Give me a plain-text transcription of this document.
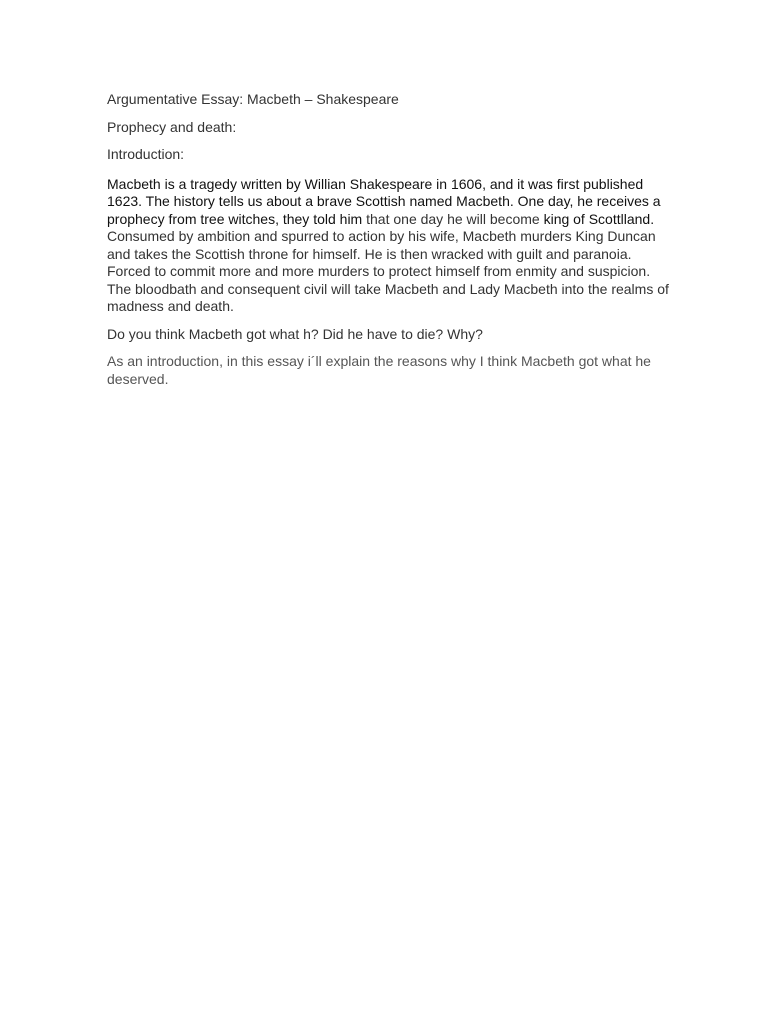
Argumentative Essay: Macbeth – Shakespeare

Prophecy and death:

Introduction:

Macbeth is a tragedy written by Willian Shakespeare in 1606, and it was first published 1623. The history tells us about a brave Scottish named Macbeth. One day, he receives a prophecy from tree witches, they told him that one day he will become king of Scottlland. Consumed by ambition and spurred to action by his wife, Macbeth murders King Duncan and takes the Scottish throne for himself. He is then wracked with guilt and paranoia. Forced to commit more and more murders to protect himself from enmity and suspicion. The bloodbath and consequent civil will take Macbeth and Lady Macbeth into the realms of madness and death.

Do you think Macbeth got what h? Did he have to die? Why?

As an introduction, in this essay i´ll explain the reasons why I think Macbeth got what he deserved.
